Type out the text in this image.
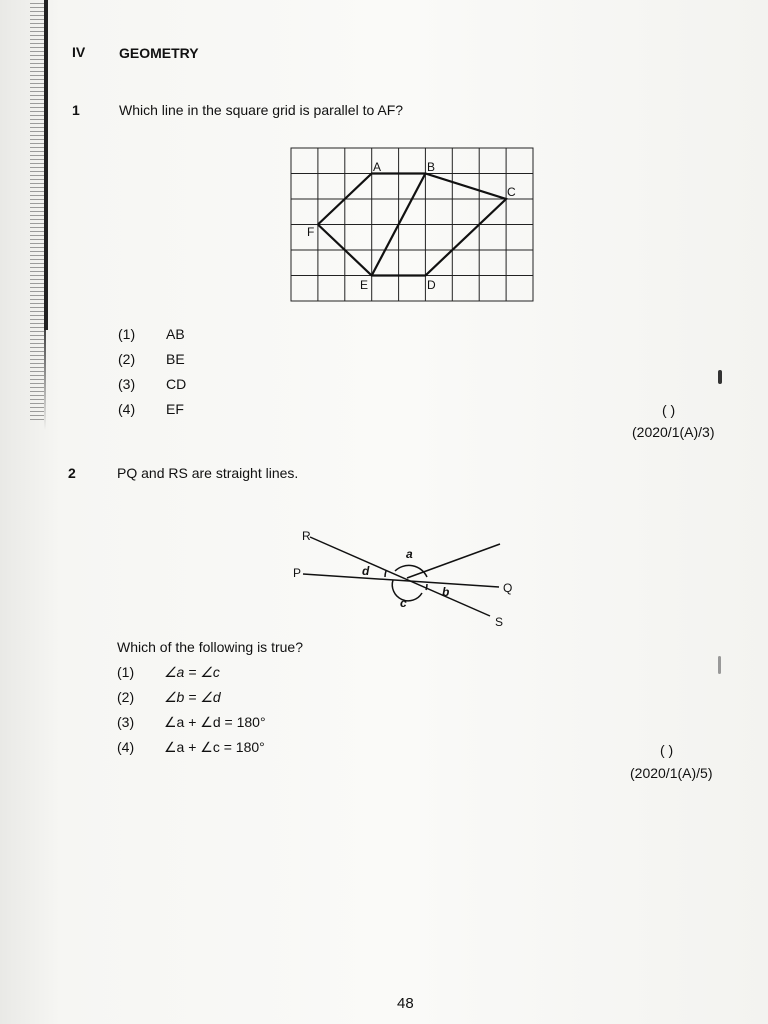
IV GEOMETRY
1	Which line in the square grid is parallel to AF?
A	B
C
D
E
F
(1) AB
(2) BE
(3) CD
(4) EF	( )
(2020/1(A)/3)
2	PQ and RS are straight lines.
R
P
Q
S
a
b
c
d
Which of the following is true?
(1) ∠a = ∠c
(2) ∠b = ∠d
(3) ∠a + ∠d = 180°
(4) ∠a + ∠c = 180°	( )
(2020/1(A)/5)
48
